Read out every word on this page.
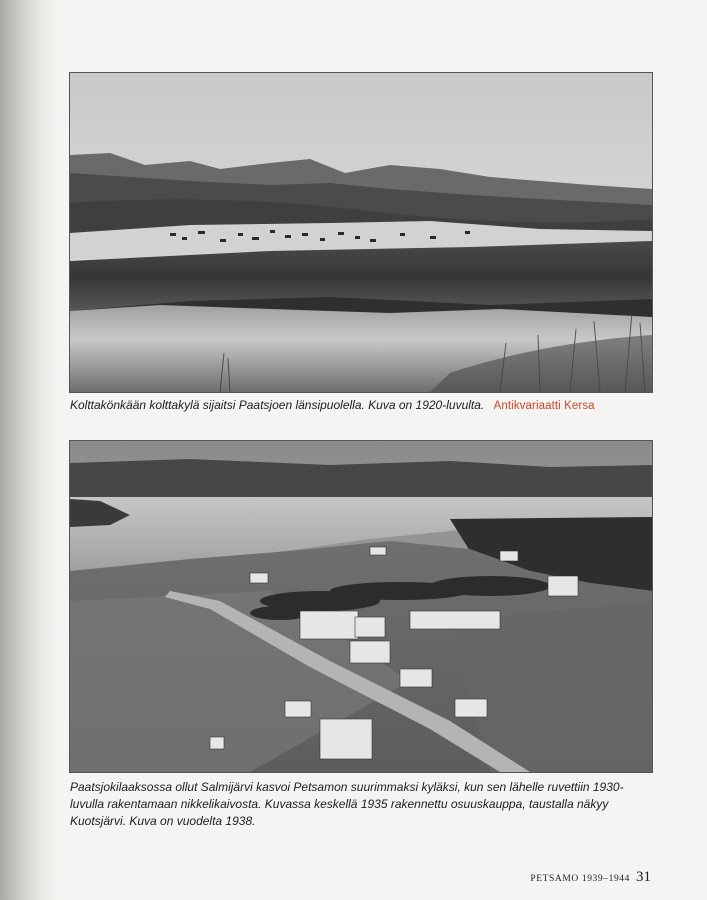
Kolttakönkään kolttakylä sijaitsi Paatsjoen länsipuolella. Kuva on 1920-luvulta. Antikvariaatti Kersa
Paatsjokilaaksossa ollut Salmijärvi kasvoi Petsamon suurimmaksi kyläksi, kun sen lähelle ruvettiin 1930-luvulla rakentamaan nikkelikaivosta. Kuvassa keskellä 1935 rakennettu osuuskauppa, taustalla näkyy Kuotsjärvi. Kuva on vuodelta 1938.
PETSAMO 1939–1944 31
